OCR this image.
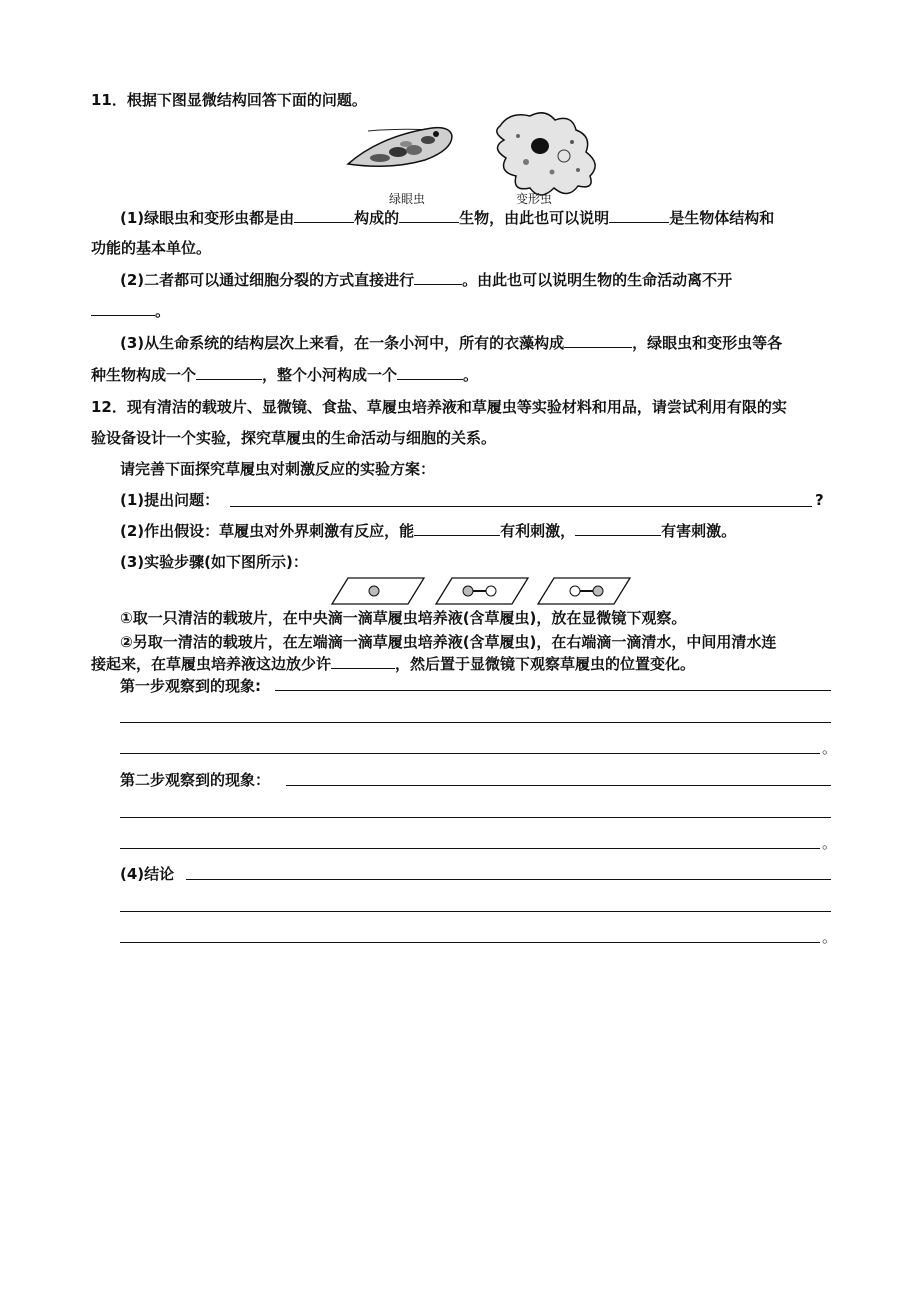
11．根据下图显微结构回答下面的问题。
绿眼虫	变形虫
(1)绿眼虫和变形虫都是由	构成的	生物，由此也可以说明	是生物体结构和
功能的基本单位。
(2)二者都可以通过细胞分裂的方式直接进行	。由此也可以说明生物的生命活动离不开
。
(3)从生命系统的结构层次上来看，在一条小河中，所有的衣藻构成	，绿眼虫和变形虫等各
种生物构成一个	，整个小河构成一个	。
12．现有清洁的载玻片、显微镜、食盐、草履虫培养液和草履虫等实验材料和用品，请尝试利用有限的实
验设备设计一个实验，探究草履虫的生命活动与细胞的关系。
请完善下面探究草履虫对刺激反应的实验方案：
(1)提出问题：	?
(2)作出假设：草履虫对外界刺激有反应，能	有利刺激，	有害刺激。
(3)实验步骤(如下图所示)：
①取一只清洁的载玻片，在中央滴一滴草履虫培养液(含草履虫)，放在显微镜下观察。
②另取一清洁的载玻片，在左端滴一滴草履虫培养液(含草履虫)，在右端滴一滴清水，中间用清水连
接起来，在草履虫培养液这边放少许	，然后置于显微镜下观察草履虫的位置变化。
第一步观察到的现象:
。
第二步观察到的现象：
。
(4)结论
。
